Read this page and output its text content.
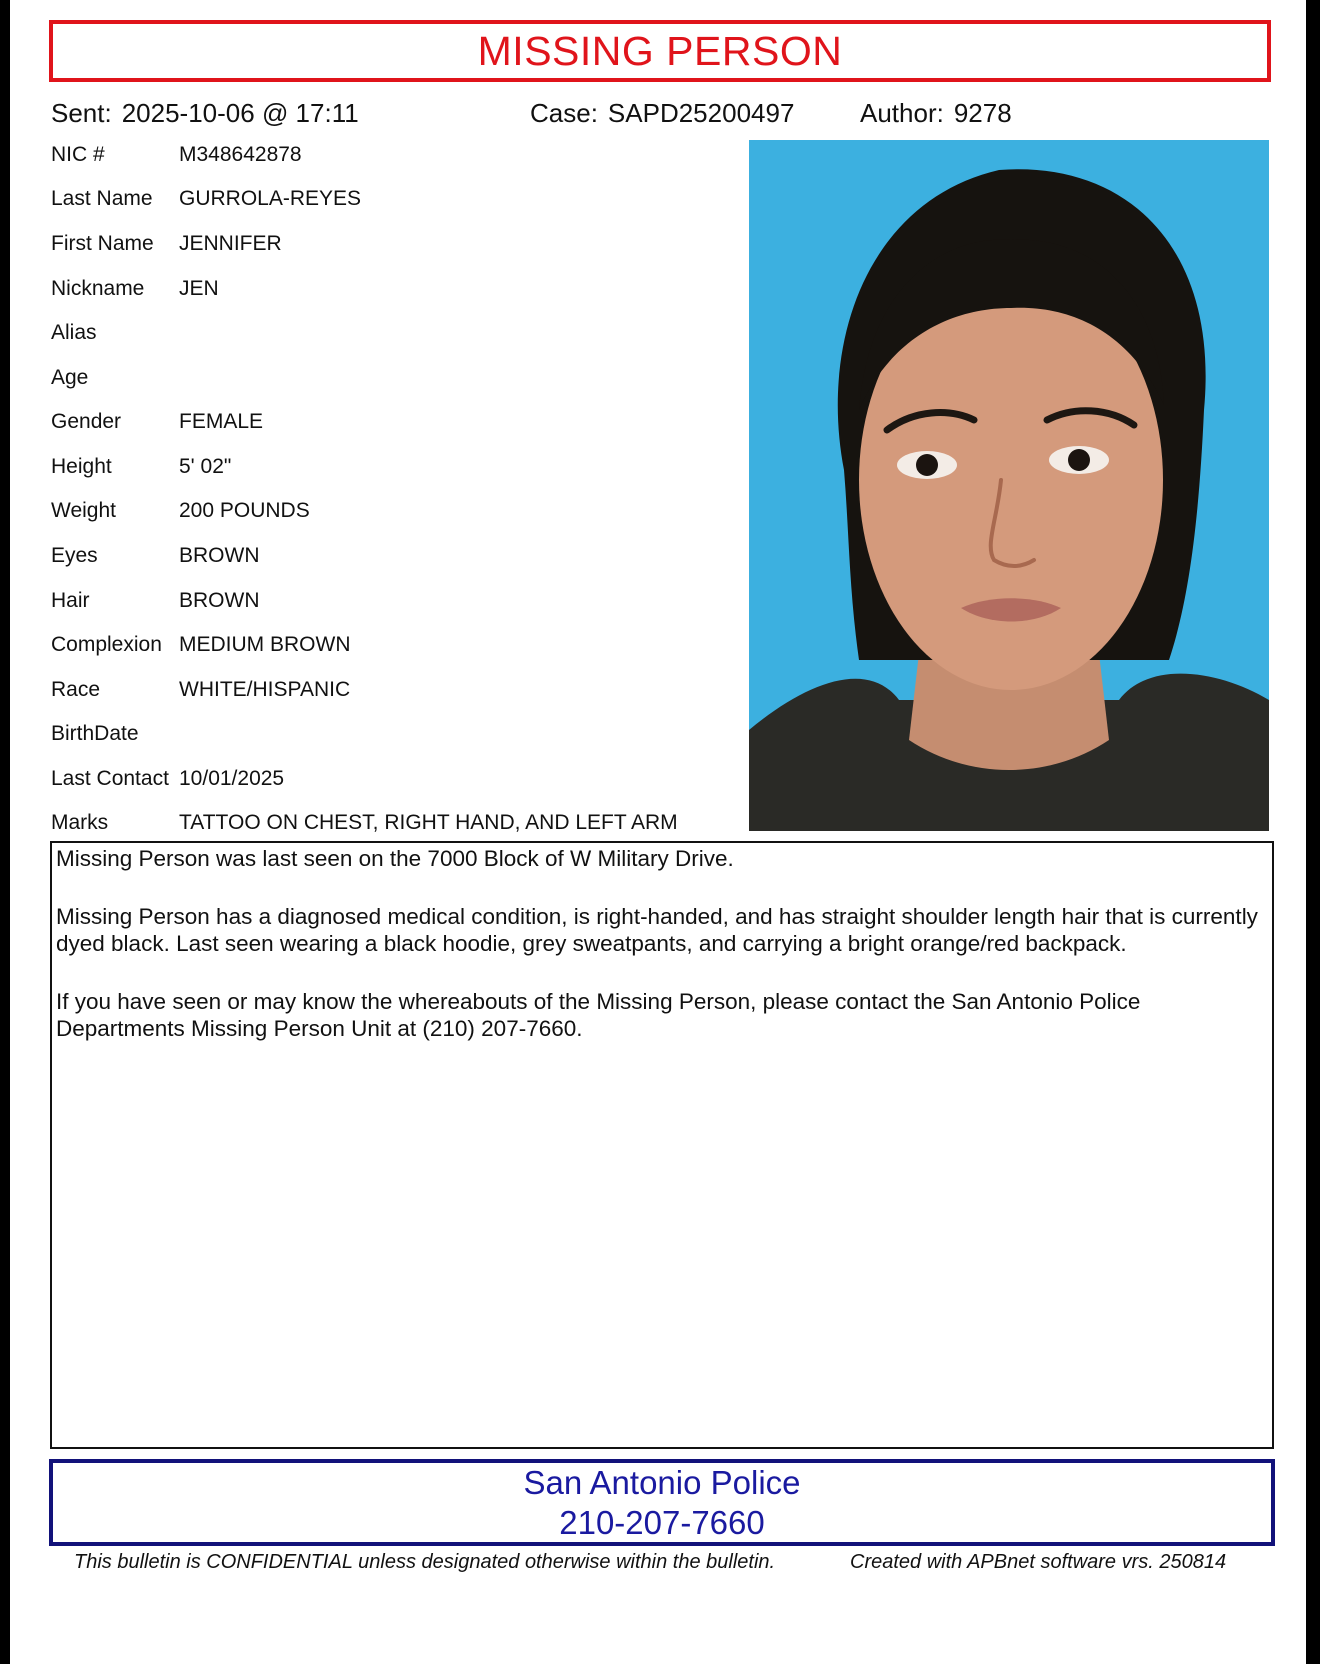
MISSING PERSON
Sent: 2025-10-06 @ 17:11	Case: SAPD25200497	Author: 9278
NIC #	M348642878
Last Name GURROLA-REYES
First Name JENNIFER
Nickname JEN
Alias
Age
Gender	FEMALE
Height	5' 02"
Weight	200 POUNDS
Eyes	BROWN
Hair	BROWN
Complexion MEDIUM BROWN
Race	WHITE/HISPANIC
BirthDate
Last Contact 10/01/2025
Marks	TATTOO ON CHEST, RIGHT HAND, AND LEFT ARM

Missing Person was last seen on the 7000 Block of W Military Drive.

Missing Person has a diagnosed medical condition, is right-handed, and has straight shoulder length hair that is currently dyed black. Last seen wearing a black hoodie, grey sweatpants, and carrying a bright orange/red backpack.

If you have seen or may know the whereabouts of the Missing Person, please contact the San Antonio Police Departments Missing Person Unit at (210) 207-7660.

San Antonio Police
210-207-7660
This bulletin is CONFIDENTIAL unless designated otherwise within the bulletin.	Created with APBnet software vrs. 250814
